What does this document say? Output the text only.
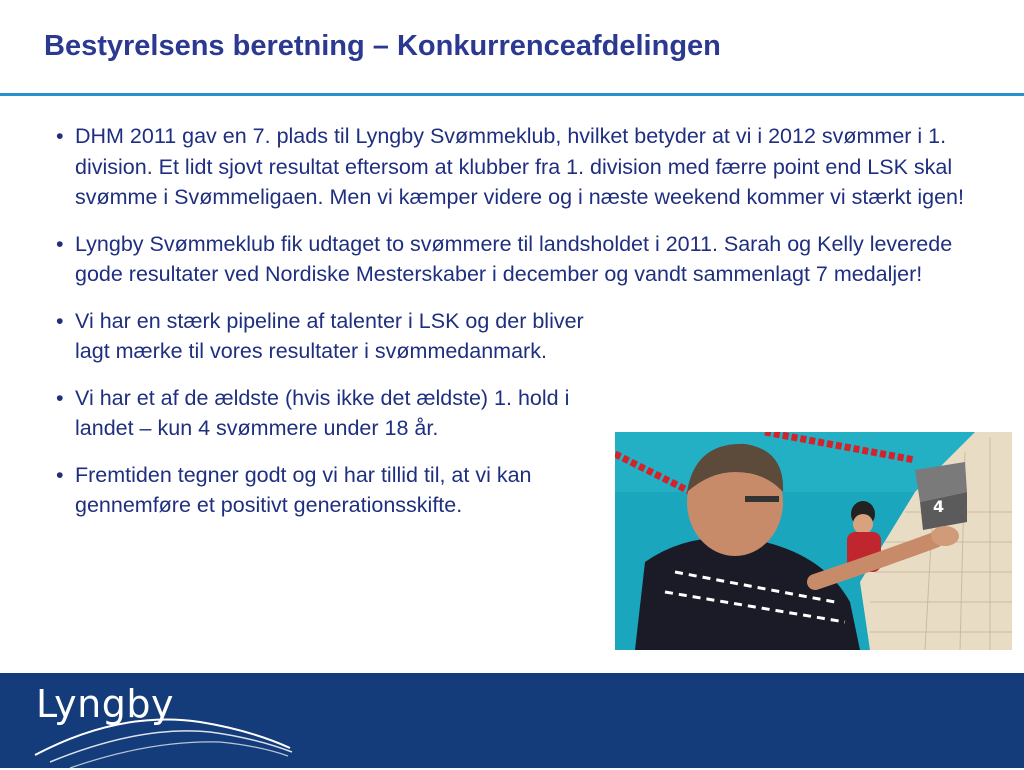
Bestyrelsens beretning – Konkurrenceafdelingen
• DHM 2011 gav en 7. plads til Lyngby Svømmeklub, hvilket betyder at vi i 2012 svømmer i 1. division. Et lidt sjovt resultat eftersom at klubber fra 1. division med færre point end LSK skal svømme i Svømmeligaen. Men vi kæmper videre og i næste weekend kommer vi stærkt igen!
• Lyngby Svømmeklub fik udtaget to svømmere til landsholdet i 2011. Sarah og Kelly leverede gode resultater ved Nordiske Mesterskaber i december og vandt sammenlagt 7 medaljer!
• Vi har en stærk pipeline af talenter i LSK og der bliver lagt mærke til vores resultater i svømmedanmark.
• Vi har et af de ældste (hvis ikke det ældste) 1. hold i landet – kun 4 svømmere under 18 år.
• Fremtiden tegner godt og vi har tillid til, at vi kan gennemføre et positivt generationsskifte.	4
Lyngby
